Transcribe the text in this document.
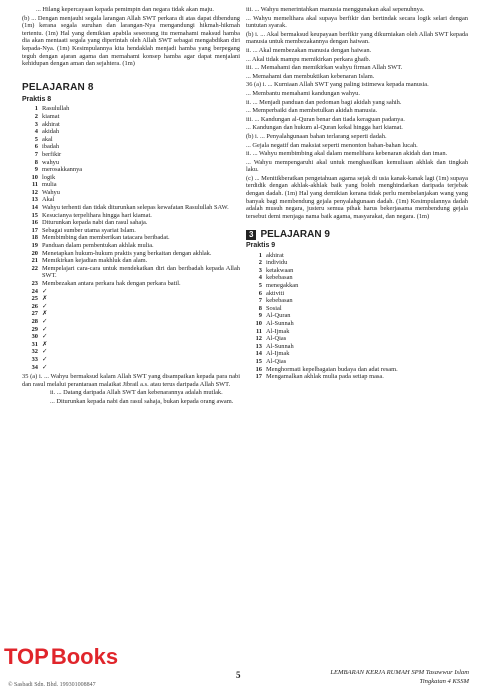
... Hilang kepercayaan kepada pemimpin dan negara tidak akan maju.
(b) ... Dengan menjauhi segala larangan Allah SWT perkara di atas dapat dibendung (1m) kerana segala suruhan dan larangan-Nya mengandungi hikmah-hikmah tertentu. (1m) Hal yang demikian apabila seseorang itu memahami maksud hamba dia akan mentaati segala yang diperintah oleh Allah SWT sebagai mengabdikan diri kepada-Nya. (1m) Kesimpulannya kita hendaklah menjadi hamba yang berpegang teguh dengan ajaran agama dan memahami konsep hamba agar dapat menjalani kehidupan dengan aman dan sejahtera. (1m)
PELAJARAN 8
Praktis 8
1 Rasulullah
2 kiamat
3 akhirat
4 akidah
5 akal
6 ibadah
7 berfikir
8 wahyu
9 merosakkannya
10 logik
11 mulia
12 Wahyu
13 Akal
14 Wahyu terhenti dan tidak diturunkan selepas kewafatan Rasulullah SAW.
15 Kesucianya terpelihara hingga hari kiamat.
16 Diturunkan kepada nabi dan rasul sahaja.
17 Sebagai sumber utama syariat Islam.
18 Membimbing dan memberikan tatacara beribadat.
19 Panduan dalam pembentukan akhlak mulia.
20 Menetapkan hukum-hukum praktis yang berkaitan dengan akhlak.
21 Memikirkan kejadian makhluk dan alam.
22 Mempelajari cara-cara untuk mendekatkan diri dan beribadah kepada Allah SWT.
23 Membezakan antara perkara hak dengan perkara batil.
24 ✓
25 ✗
26 ✓
27 ✗
28 ✓
29 ✓
30 ✓
31 ✗
32 ✓
33 ✓
34 ✓
35 (a) i. ... Wahyu bermaksud kalam Allah SWT yang disampaikan kepada para nabi dan rasul melalui perantaraan malaikat Jibrail a.s. atau terus daripada Allah SWT.
ii. ... Datang daripada Allah SWT dan kebenarannya adalah mutlak.
... Diturunkan kepada nabi dan rasul sahaja, bukan kepada orang awam.
iii. ... Wahyu menerintahkan manusia menggunakan akal sepenuhnya.
... Wahyu memelihara akal supaya berfikir dan bertindak secara logik selari dengan tuntutan syarak.
(b) i. ... Akal bermaksud keupayaan berfikir yang dikurniakan oleh Allah SWT kepada manusia untuk membezakannya dengan haiwan.
ii. ... Akal membezakan manusia dengan haiwan.
... Akal tidak mampu memikirkan perkara ghaib.
iii. ... Memahami dan memikirkan wahyu firman Allah SWT.
... Memahami dan membuktikan kebenaran Islam.
36 (a) i. ... Kurniaan Allah SWT yang paling istimewa kepada manusia.
... Membantu memahami kandungan wahyu.
ii. ... Menjadi panduan dan pedoman bagi akidah yang sahih.
... Memperbaiki dan membetulkan akidah manusia.
iii. ... Kandungan al-Quran benar dan tiada keraguan padanya.
... Kandungan dan hukum al-Quran kekal hingga hari kiamat.
(b) i. ... Penyalahgunaan bahan terlarang seperti dadah.
... Gejala negatif dan maksiat seperti menonton bahan-bahan lucah.
ii. ... Wahyu membimbing akal dalam memelihara kebenaran akidah dan iman.
... Wahyu mempengaruhi akal untuk menghasilkan kemuliaan akhlak dan tingkah laku.
(c) ... Menitikberatkan pengetahuan agama sejak di usia kanak-kanak lagi (1m) supaya terdidik dengan akhlak-akhlak baik yang boleh menghindarkan daripada terjebak dengan dadah. (1m) Hal yang demikian kerana tidak perlu membelanjakan wang yang banyak bagi membendung gejala penyalahgunaan dadah. (1m) Kesimpulannya dadah adalah musuh negara, justeru semua pihak harus bekerjasama membendung gejala tersebut demi menjaga nama baik agama, masyarakat, dan negara. (1m)
3 PELAJARAN 9
Praktis 9
1 akhirat
2 individu
3 ketakwaan
4 kebebasan
5 menegakkan
6 aktiviti
7 kebebasan
8 Sosial
9 Al-Quran
10 Al-Sunnah
11 Al-Ijmak
12 Al-Qias
13 Al-Sunnah
14 Al-Ijmak
15 Al-Qias
16 Menghormati kepelbagaian budaya dan adat resam.
17 Mengamalkan akhlak mulia pada setiap masa.
TOP Books
5	LEMBARAN KERJA RUMAH SPM Tasawwur Islam
Tingkatan 4 KSSM
© Sasbadi Sdn. Bhd. 199301008847
